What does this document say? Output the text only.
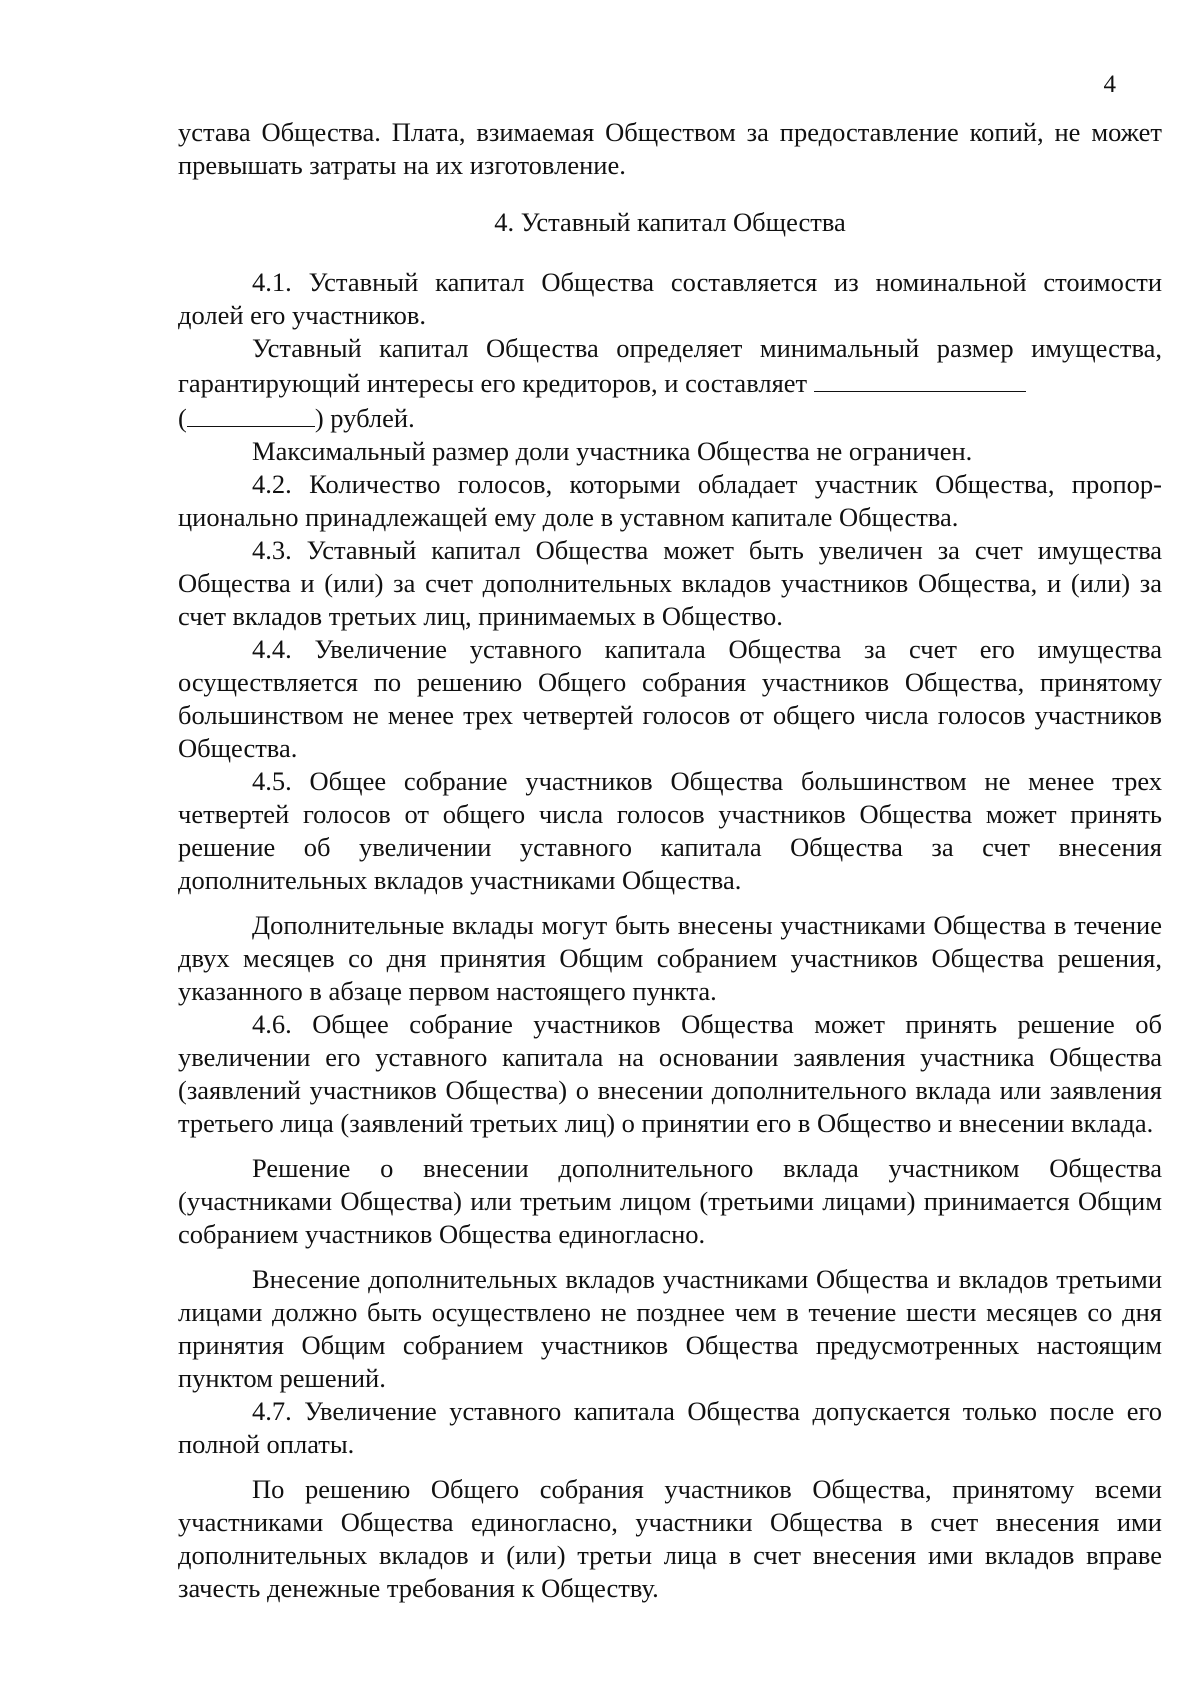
4

устава Общества. Плата, взимаемая Обществом за предоставление копий, не может превышать затраты на их изготовление.

4. Уставный капитал Общества

4.1. Уставный капитал Общества составляется из номинальной стоимости долей его участников.

Уставный капитал Общества определяет минимальный размер имущества, гарантирующий интересы его кредиторов, и составляет
(	) рублей.

Максимальный размер доли участника Общества не ограничен.

4.2. Количество голосов, которыми обладает участник Общества, пропорционально принадлежащей ему доле в уставном капитале Общества.

4.3. Уставный капитал Общества может быть увеличен за счет имущества Общества и (или) за счет дополнительных вкладов участников Общества, и (или) за счет вкладов третьих лиц, принимаемых в Общество.

4.4. Увеличение уставного капитала Общества за счет его имущества осуществляется по решению Общего собрания участников Общества, принятому большинством не менее трех четвертей голосов от общего числа голосов участников Общества.

4.5. Общее собрание участников Общества большинством не менее трех четвертей голосов от общего числа голосов участников Общества может принять решение об увеличении уставного капитала Общества за счет внесения дополнительных вкладов участниками Общества.

Дополнительные вклады могут быть внесены участниками Общества в течение двух месяцев со дня принятия Общим собранием участников Общества решения, указанного в абзаце первом настоящего пункта.

4.6. Общее собрание участников Общества может принять решение об увеличении его уставного капитала на основании заявления участника Общества (заявлений участников Общества) о внесении дополнительного вклада или заявления третьего лица (заявлений третьих лиц) о принятии его в Общество и внесении вклада.

Решение о внесении дополнительного вклада участником Общества (участниками Общества) или третьим лицом (третьими лицами) принимается Общим собранием участников Общества единогласно.

Внесение дополнительных вкладов участниками Общества и вкладов третьими лицами должно быть осуществлено не позднее чем в течение шести месяцев со дня принятия Общим собранием участников Общества предусмотренных настоящим пунктом решений.

4.7. Увеличение уставного капитала Общества допускается только после его полной оплаты.

По решению Общего собрания участников Общества, принятому всеми участниками Общества единогласно, участники Общества в счет внесения ими дополнительных вкладов и (или) третьи лица в счет внесения ими вкладов вправе зачесть денежные требования к Обществу.
